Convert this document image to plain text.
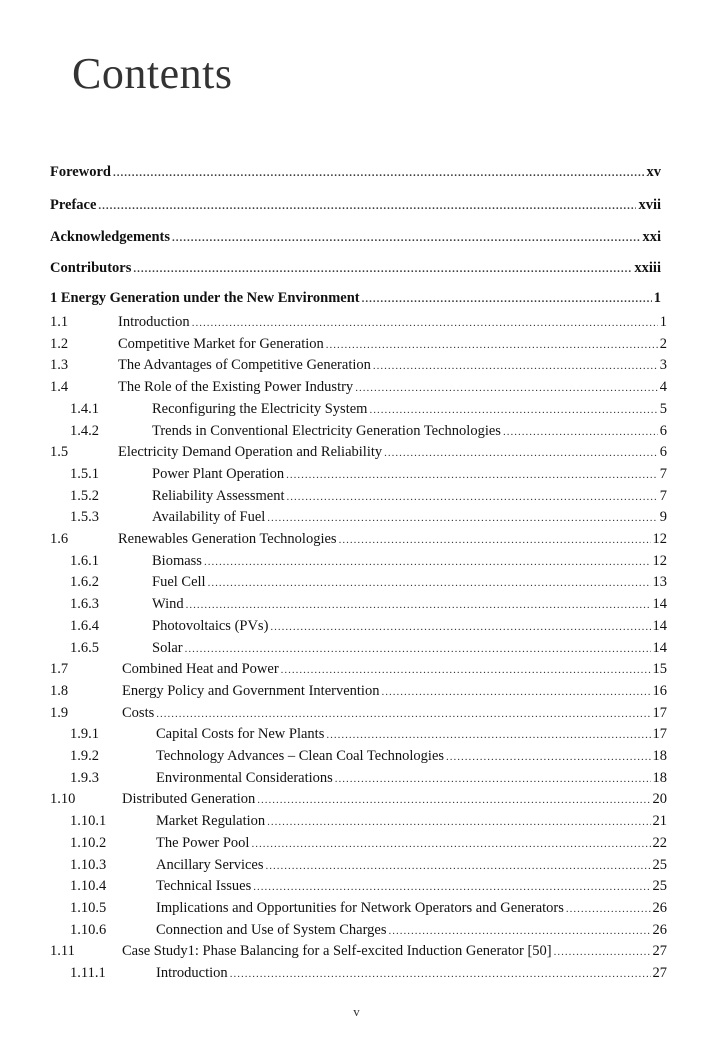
Contents
Foreword .....	xv
Preface .....	xvii
Acknowledgements .....	xxi
Contributors .....	xxiii
1 Energy Generation under the New Environment .....	1
1.1	Introduction .....	1
1.2	Competitive Market for Generation .....	2
1.3	The Advantages of Competitive Generation .....	3
1.4	The Role of the Existing Power Industry .....	4
1.4.1	Reconfiguring the Electricity System .....	5
1.4.2	Trends in Conventional Electricity Generation Technologies .....	6
1.5	Electricity Demand Operation and Reliability .....	6
1.5.1	Power Plant Operation .....	7
1.5.2	Reliability Assessment .....	7
1.5.3	Availability of Fuel .....	9
1.6	Renewables Generation Technologies .....	12
1.6.1	Biomass .....	12
1.6.2	Fuel Cell .....	13
1.6.3	Wind .....	14
1.6.4	Photovoltaics (PVs) .....	14
1.6.5	Solar .....	14
1.7	Combined Heat and Power .....	15
1.8	Energy Policy and Government Intervention .....	16
1.9	Costs .....	17
1.9.1	Capital Costs for New Plants .....	17
1.9.2	Technology Advances – Clean Coal Technologies .....	18
1.9.3	Environmental Considerations .....	18
1.10	Distributed Generation .....	20
1.10.1	Market Regulation .....	21
1.10.2	The Power Pool .....	22
1.10.3	Ancillary Services .....	25
1.10.4	Technical Issues .....	25
1.10.5	Implications and Opportunities for Network Operators and Generators .....	26
1.10.6	Connection and Use of System Charges .....	26
1.11	Case Study1: Phase Balancing for a Self-excited Induction Generator [50] .....	27
1.11.1	Introduction .....	27
v
